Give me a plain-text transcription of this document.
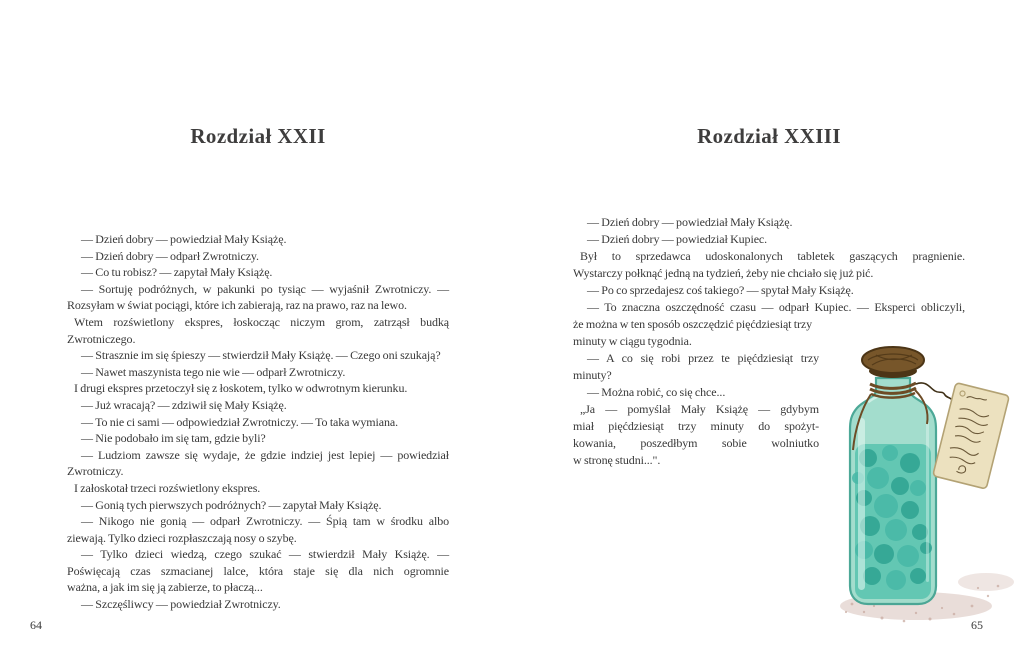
Rozdział XXII
— Dzień dobry — powiedział Mały Książę.
— Dzień dobry — odparł Zwrotniczy.
— Co tu robisz? — zapytał Mały Książę.
— Sortuję podróżnych, w pakunki po tysiąc — wyjaśnił Zwrotniczy. —
Rozsyłam w świat pociągi, które ich zabierają, raz na prawo, raz na lewo.
Wtem rozświetlony ekspres, łoskocząc niczym grom, zatrząsł budką
Zwrotniczego.
— Strasznie im się śpieszy — stwierdził Mały Książę. — Czego oni szukają?
— Nawet maszynista tego nie wie — odparł Zwrotniczy.
I drugi ekspres przetoczył się z łoskotem, tylko w odwrotnym kierunku.
— Już wracają? — zdziwił się Mały Książę.
— To nie ci sami — odpowiedział Zwrotniczy. — To taka wymiana.
— Nie podobało im się tam, gdzie byli?
— Ludziom zawsze się wydaje, że gdzie indziej jest lepiej — powiedział
Zwrotniczy.
I załoskotał trzeci rozświetlony ekspres.
— Gonią tych pierwszych podróżnych? — zapytał Mały Książę.
— Nikogo nie gonią — odparł Zwrotniczy. — Śpią tam w środku albo
ziewają. Tylko dzieci rozpłaszczają nosy o szybę.
— Tylko dzieci wiedzą, czego szukać — stwierdził Mały Książę. —
Poświęcają czas szmacianej lalce, która staje się dla nich ogromnie
ważna, a jak im się ją zabierze, to płaczą...
— Szczęśliwcy — powiedział Zwrotniczy.
64
Rozdział XXIII
— Dzień dobry — powiedział Mały Książę.
— Dzień dobry — powiedział Kupiec.
Był to sprzedawca udoskonalonych tabletek gaszących pragnienie.
Wystarczy połknąć jedną na tydzień, żeby nie chciało się już pić.
— Po co sprzedajesz coś takiego? — spytał Mały Książę.
— To znaczna oszczędność czasu — odparł Kupiec. — Eksperci obliczyli,
że można w ten sposób oszczędzić pięćdziesiąt trzy
minuty w ciągu tygodnia.
— A co się robi przez te pięćdziesiąt trzy
minuty?
— Można robić, co się chce...
„Ja — pomyślał Mały Książę — gdybym
miał pięćdziesiąt trzy minuty do spożyt-
kowania, poszedłbym sobie wolniutko
w stronę studni...".
65
